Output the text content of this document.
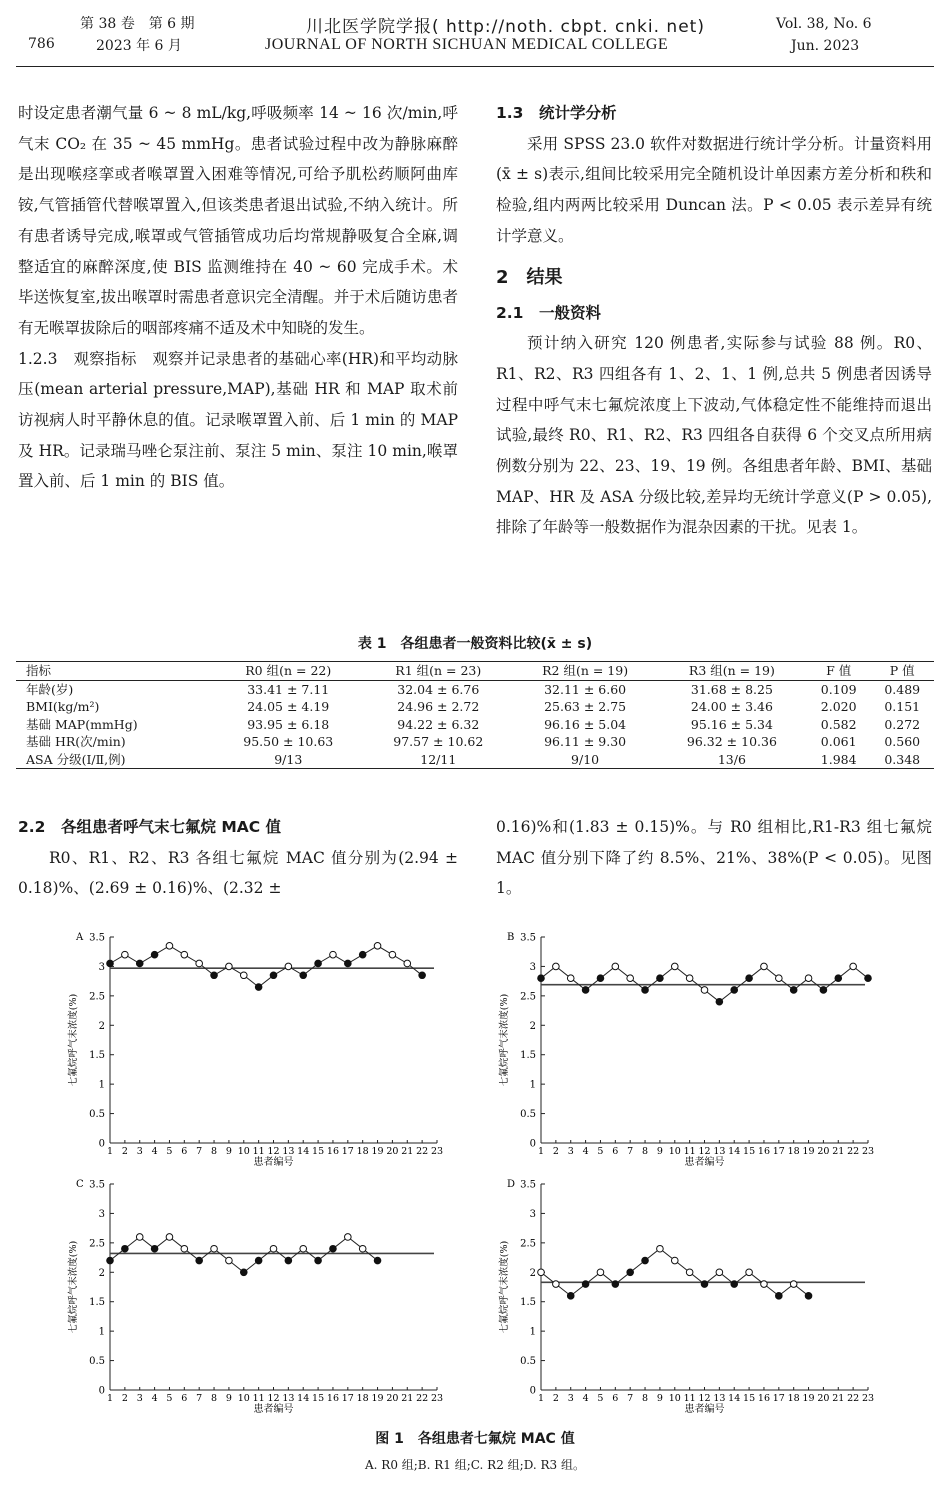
786
第 38 卷　第 6 期
2023 年 6 月
川北医学院学报( http://noth. cbpt. cnki. net)
JOURNAL OF NORTH SICHUAN MEDICAL COLLEGE
Vol. 38, No. 6
Jun. 2023

时设定患者潮气量 6 ~ 8 mL/kg,呼吸频率 14 ~ 16 次/min,呼气末 CO₂ 在 35 ~ 45 mmHg。患者试验过程中改为静脉麻醉是出现喉痉挛或者喉罩置入困难等情况,可给予肌松药顺阿曲库铵,气管插管代替喉罩置入,但该类患者退出试验,不纳入统计。所有患者诱导完成,喉罩或气管插管成功后均常规静吸复合全麻,调整适宜的麻醉深度,使 BIS 监测维持在 40 ~ 60 完成手术。术毕送恢复室,拔出喉罩时需患者意识完全清醒。并于术后随访患者有无喉罩拔除后的咽部疼痛不适及术中知晓的发生。

1.2.3　观察指标　 观察并记录患者的基础心率(HR)和平均动脉压(mean arterial pressure,MAP),基础 HR 和 MAP 取术前访视病人时平静休息的值。记录喉罩置入前、后 1 min 的 MAP 及 HR。记录瑞马唑仑泵注前、泵注 5 min、泵注 10 min,喉罩置入前、后 1 min 的 BIS 值。

1.3　统计学分析

采用 SPSS 23.0 软件对数据进行统计学分析。计量资料用(x̄ ± s)表示,组间比较采用完全随机设计单因素方差分析和秩和检验,组内两两比较采用 Duncan 法。P < 0.05 表示差异有统计学意义。

2　结果
2.1　一般资料

预计纳入研究 120 例患者,实际参与试验 88 例。R0、R1、R2、R3 四组各有 1、2、1、1 例,总共 5 例患者因诱导过程中呼气末七氟烷浓度上下波动,气体稳定性不能维持而退出试验,最终 R0、R1、R2、R3 四组各自获得 6 个交叉点所用病例数分别为 22、23、19、19 例。各组患者年龄、BMI、基础 MAP、HR 及 ASA 分级比较,差异均无统计学意义(P > 0.05),排除了年龄等一般数据作为混杂因素的干扰。见表 1。

表 1　各组患者一般资料比较(x̄ ± s)
指标	R0 组(n = 22)	R1 组(n = 23)	R2 组(n = 19)	R3 组(n = 19)	F 值	P 值
年龄(岁)	33.41 ± 7.11	32.04 ± 6.76	32.11 ± 6.60	31.68 ± 8.25	0.109	0.489
BMI(kg/m²)	24.05 ± 4.19	24.96 ± 2.72	25.63 ± 2.75	24.00 ± 3.46	2.020	0.151
基础 MAP(mmHg)	93.95 ± 6.18	94.22 ± 6.32	96.16 ± 5.04	95.16 ± 5.34	0.582	0.272
基础 HR(次/min)	95.50 ± 10.63	97.57 ± 10.62	96.11 ± 9.30	96.32 ± 10.36	0.061	0.560
ASA 分级(Ⅰ/Ⅱ,例)	9/13	12/11	9/10	13/6	1.984	0.348
2.2　各组患者呼气末七氟烷 MAC 值

R0、R1、R2、R3 各组七氟烷 MAC 值分别为(2.94 ± 0.18)%、(2.69 ± 0.16)%、(2.32 ±

0.16)%和(1.83 ± 0.15)%。与 R0 组相比,R1-R3 组七氟烷 MAC 值分别下降了约 8.5%、21%、38%(P < 0.05)。见图 1。

A
0
0.5
1
1.5
2
2.5
3
3.5
1 2 3 4 5 6 7 8 9 10 11 12 13 14 15 16 17 18 19 20 21 22 23
患者编号
七氟烷呼气末浓度(%)
B
0
0.5
1
1.5
2
2.5
3
3.5
1 2 3 4 5 6 7 8 9 10 11 12 13 14 15 16 17 18 19 20 21 22 23
患者编号
七氟烷呼气末浓度(%)
C
0
0.5
1
1.5
2
2.5
3
3.5
1 2 3 4 5 6 7 8 9 10 11 12 13 14 15 16 17 18 19 20 21 22 23
患者编号
七氟烷呼气末浓度(%)
D
0
0.5
1
1.5
2
2.5
3
3.5
1 2 3 4 5 6 7 8 9 10 11 12 13 14 15 16 17 18 19 20 21 22 23
患者编号
七氟烷呼气末浓度(%)
图 1　各组患者七氟烷 MAC 值
A. R0 组;B. R1 组;C. R2 组;D. R3 组。
